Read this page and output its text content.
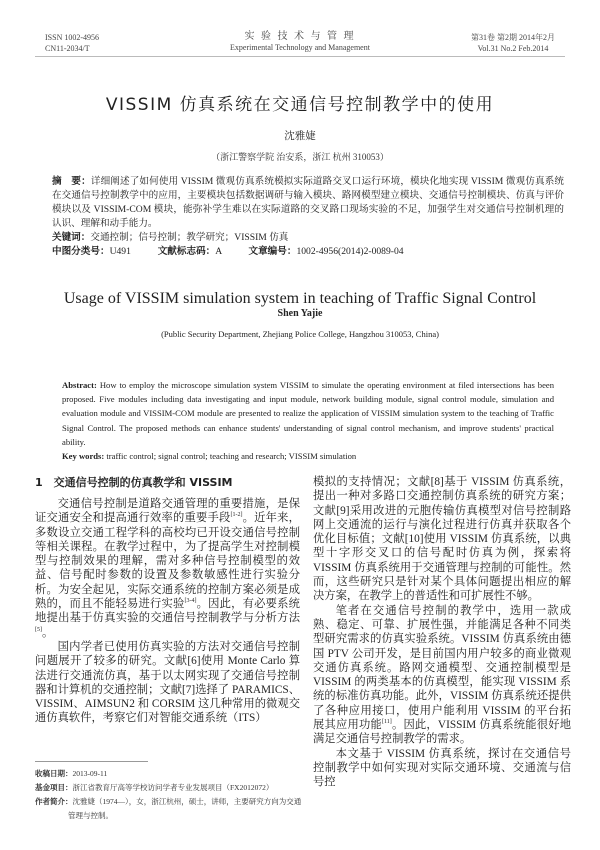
ISSN 1002-4956
CN11-2034/T
实 验 技 术 与 管 理
Experimental Technology and Management
第31卷 第2期 2014年2月
Vol.31 No.2 Feb.2014
VISSIM 仿真系统在交通信号控制教学中的使用
沈雅婕
（浙江警察学院 治安系，浙江 杭州 310053）
摘　要：详细阐述了如何使用 VISSIM 微观仿真系统模拟实际道路交叉口运行环境，模块化地实现 VISSIM 微观仿真系统在交通信号控制教学中的应用，主要模块包括数据调研与输入模块、路网模型建立模块、交通信号控制模块、仿真与评价模块以及 VISSIM-COM 模块，能弥补学生难以在实际道路的交叉路口现场实验的不足，加强学生对交通信号控制机理的认识、理解和动手能力。
关键词：交通控制；信号控制；教学研究；VISSIM 仿真
中图分类号：U491	文献标志码：A	文章编号：1002-4956(2014)2-0089-04
Usage of VISSIM simulation system in teaching of Traffic Signal Control
Shen Yajie
(Public Security Department, Zhejiang Police College, Hangzhou 310053, China)
Abstract: How to employ the microscope simulation system VISSIM to simulate the operating environment at filed intersections has been proposed. Five modules including data investigating and input module, network building module, signal control module, simulation and evaluation module and VISSIM-COM module are presented to realize the application of VISSIM simulation system to the teaching of Traffic Signal Control. The proposed methods can enhance students' understanding of signal control mechanism, and improve students' practical ability.
Key words: traffic control; signal control; teaching and research; VISSIM simulation
1　交通信号控制的仿真教学和 VISSIM

交通信号控制是道路交通管理的重要措施，是保证交通安全和提高通行效率的重要手段[1-2]。近年来，多数设立交通工程学科的高校均已开设交通信号控制等相关课程。在教学过程中，为了提高学生对控制模型与控制效果的理解，需对多种信号控制模型的效益、信号配时参数的设置及参数敏感性进行实验分析。为安全起见，实际交通系统的控制方案必须是成熟的，而且不能轻易进行实验[3-4]。因此，有必要系统地提出基于仿真实验的交通信号控制教学与分析方法[5]。

国内学者已使用仿真实验的方法对交通信号控制问题展开了较多的研究。文献[6]使用 Monte Carlo 算法进行交通流仿真，基于以太网实现了交通信号控制器和计算机的交通控制；文献[7]选择了 PARAMICS、VISSIM、AIMSUN2 和 CORSIM 这几种常用的微观交通仿真软件，考察它们对智能交通系统（ITS）

收稿日期：2013-09-11
基金项目：浙江省教育厅高等学校访问学者专业发展项目（FX2012072）
作者简介：沈雅婕（1974—），女，浙江杭州，硕士，讲师，主要研究方向为交通管理与控制。

模拟的支持情况；文献[8]基于 VISSIM 仿真系统，提出一种对多路口交通控制仿真系统的研究方案；文献[9]采用改进的元胞传输仿真模型对信号控制路网上交通流的运行与演化过程进行仿真并获取各个优化目标值；文献[10]使用 VISSIM 仿真系统，以典型十字形交叉口的信号配时仿真为例，探索将 VISSIM 仿真系统用于交通管理与控制的可能性。然而，这些研究只是针对某个具体问题提出相应的解决方案，在教学上的普适性和可扩展性不够。

笔者在交通信号控制的教学中，选用一款成熟、稳定、可靠、扩展性强，并能满足各种不同类型研究需求的仿真实验系统。VISSIM 仿真系统由德国 PTV 公司开发，是目前国内用户较多的商业微观交通仿真系统。路网交通模型、交通控制模型是 VISSIM 的两类基本的仿真模型，能实现 VISSIM 系统的标准仿真功能。此外，VISSIM 仿真系统还提供了各种应用接口，使用户能利用 VISSIM 的平台拓展其应用功能[11]。因此，VISSIM 仿真系统能很好地满足交通信号控制教学的需求。

本文基于 VISSIM 仿真系统，探讨在交通信号控制教学中如何实现对实际交通环境、交通流与信号控
